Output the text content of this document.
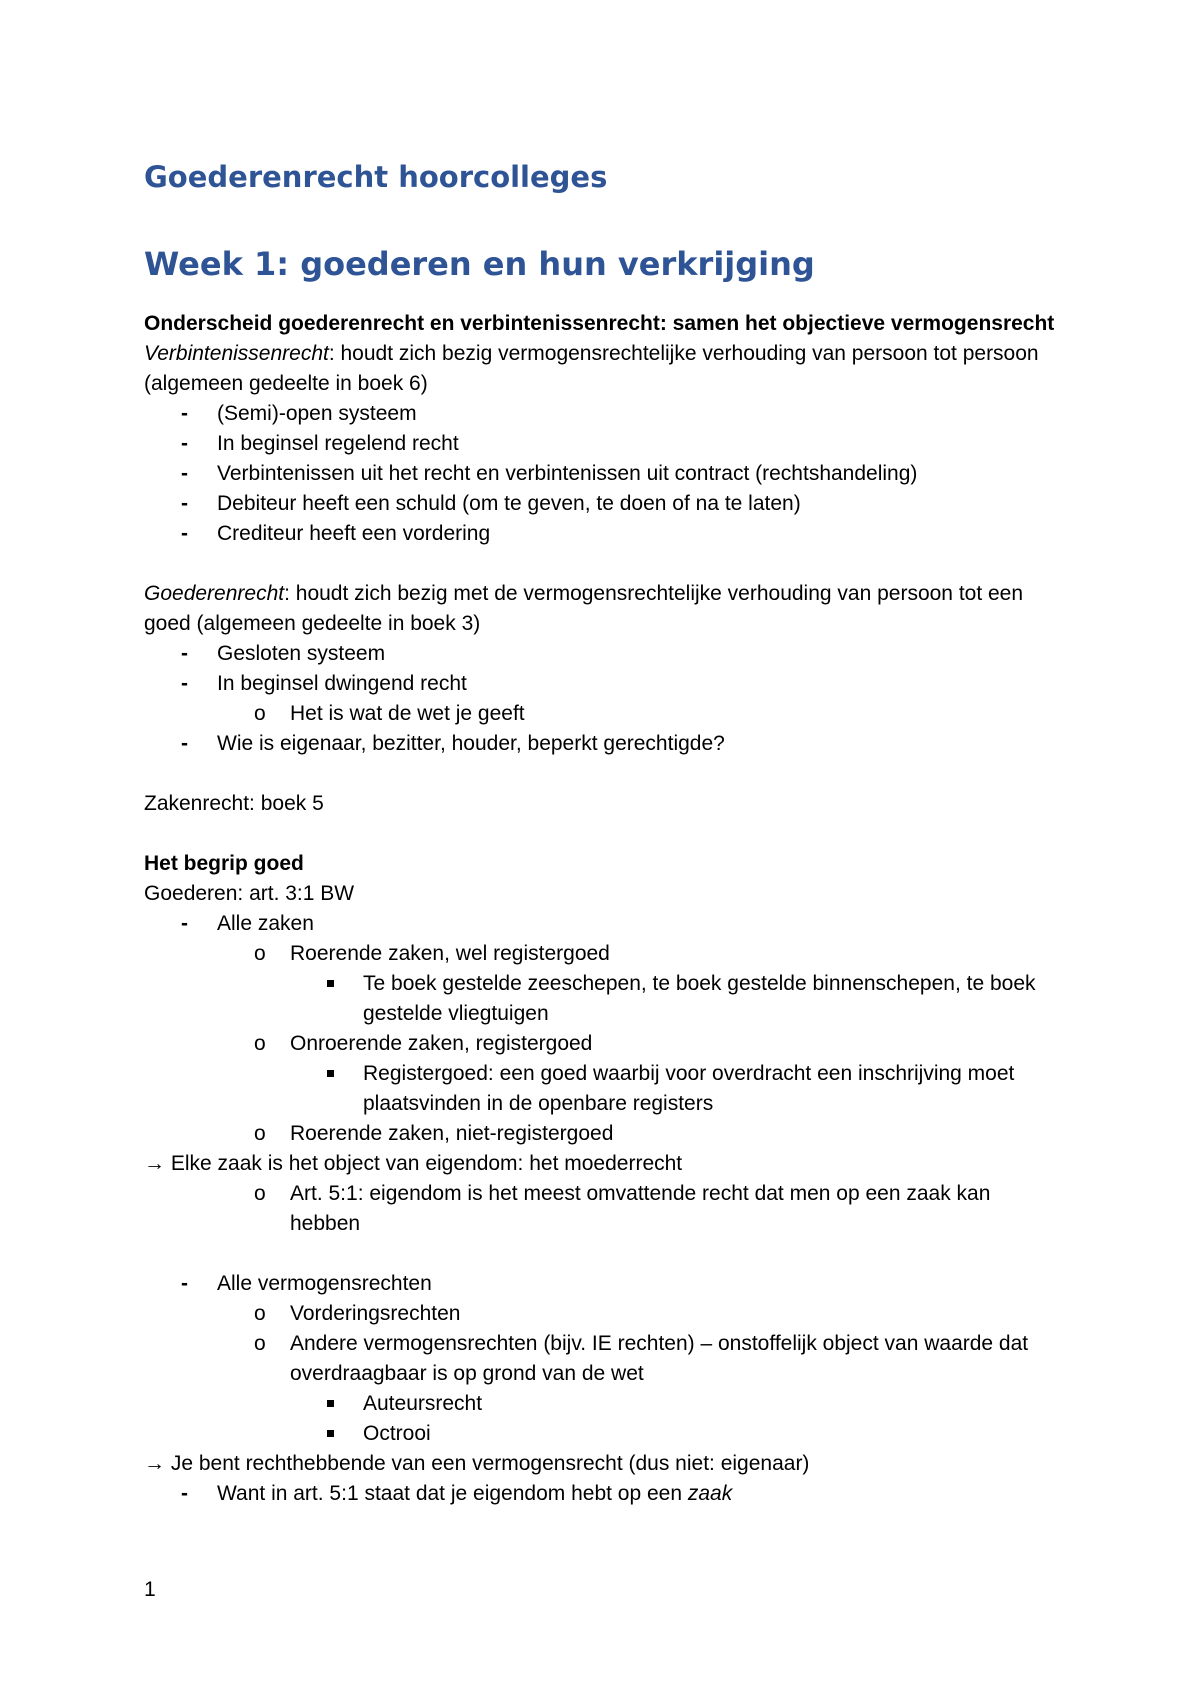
Goederenrecht hoorcolleges
Week 1: goederen en hun verkrijging
Onderscheid goederenrecht en verbintenissenrecht: samen het objectieve vermogensrecht
Verbintenissenrecht: houdt zich bezig vermogensrechtelijke verhouding van persoon tot persoon (algemeen gedeelte in boek 6)
- (Semi)-open systeem
- In beginsel regelend recht
- Verbintenissen uit het recht en verbintenissen uit contract (rechtshandeling)
- Debiteur heeft een schuld (om te geven, te doen of na te laten)
- Crediteur heeft een vordering
Goederenrecht: houdt zich bezig met de vermogensrechtelijke verhouding van persoon tot een goed (algemeen gedeelte in boek 3)
- Gesloten systeem
- In beginsel dwingend recht
o Het is wat de wet je geeft
- Wie is eigenaar, bezitter, houder, beperkt gerechtigde?
Zakenrecht: boek 5
Het begrip goed
Goederen: art. 3:1 BW
- Alle zaken
o Roerende zaken, wel registergoed
Te boek gestelde zeeschepen, te boek gestelde binnenschepen, te boek gestelde vliegtuigen
o Onroerende zaken, registergoed
Registergoed: een goed waarbij voor overdracht een inschrijving moet plaatsvinden in de openbare registers
o Roerende zaken, niet-registergoed
→ Elke zaak is het object van eigendom: het moederrecht
o Art. 5:1: eigendom is het meest omvattende recht dat men op een zaak kan hebben
- Alle vermogensrechten
o Vorderingsrechten
o Andere vermogensrechten (bijv. IE rechten) – onstoffelijk object van waarde dat overdraagbaar is op grond van de wet
Auteursrecht
Octrooi
→ Je bent rechthebbende van een vermogensrecht (dus niet: eigenaar)
- Want in art. 5:1 staat dat je eigendom hebt op een zaak
1
